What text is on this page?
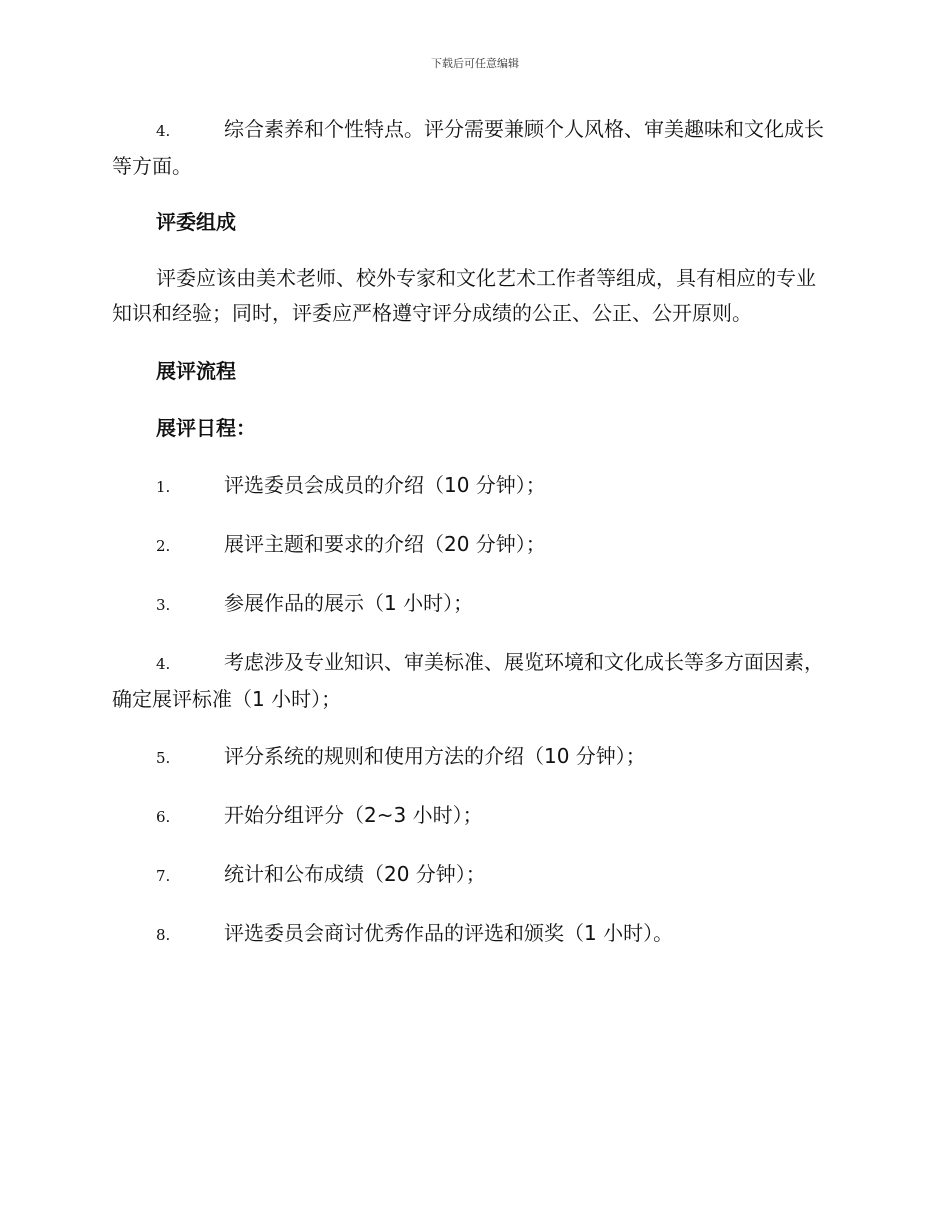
下载后可任意编辑

4.	综合素养和个性特点。评分需要兼顾个人风格、审美趣味和文化成长等方面。

评委组成

评委应该由美术老师、校外专家和文化艺术工作者等组成，具有相应的专业知识和经验；同时，评委应严格遵守评分成绩的公正、公正、公开原则。

展评流程

展评日程：

1.	评选委员会成员的介绍（10 分钟）；

2.	展评主题和要求的介绍（20 分钟）；

3.	参展作品的展示（1 小时）；

4.	考虑涉及专业知识、审美标准、展览环境和文化成长等多方面因素，确定展评标准（1 小时）；

5.	评分系统的规则和使用方法的介绍（10 分钟）；

6.	开始分组评分（2~3 小时）；

7.	统计和公布成绩（20 分钟）；

8.	评选委员会商讨优秀作品的评选和颁奖（1 小时）。
